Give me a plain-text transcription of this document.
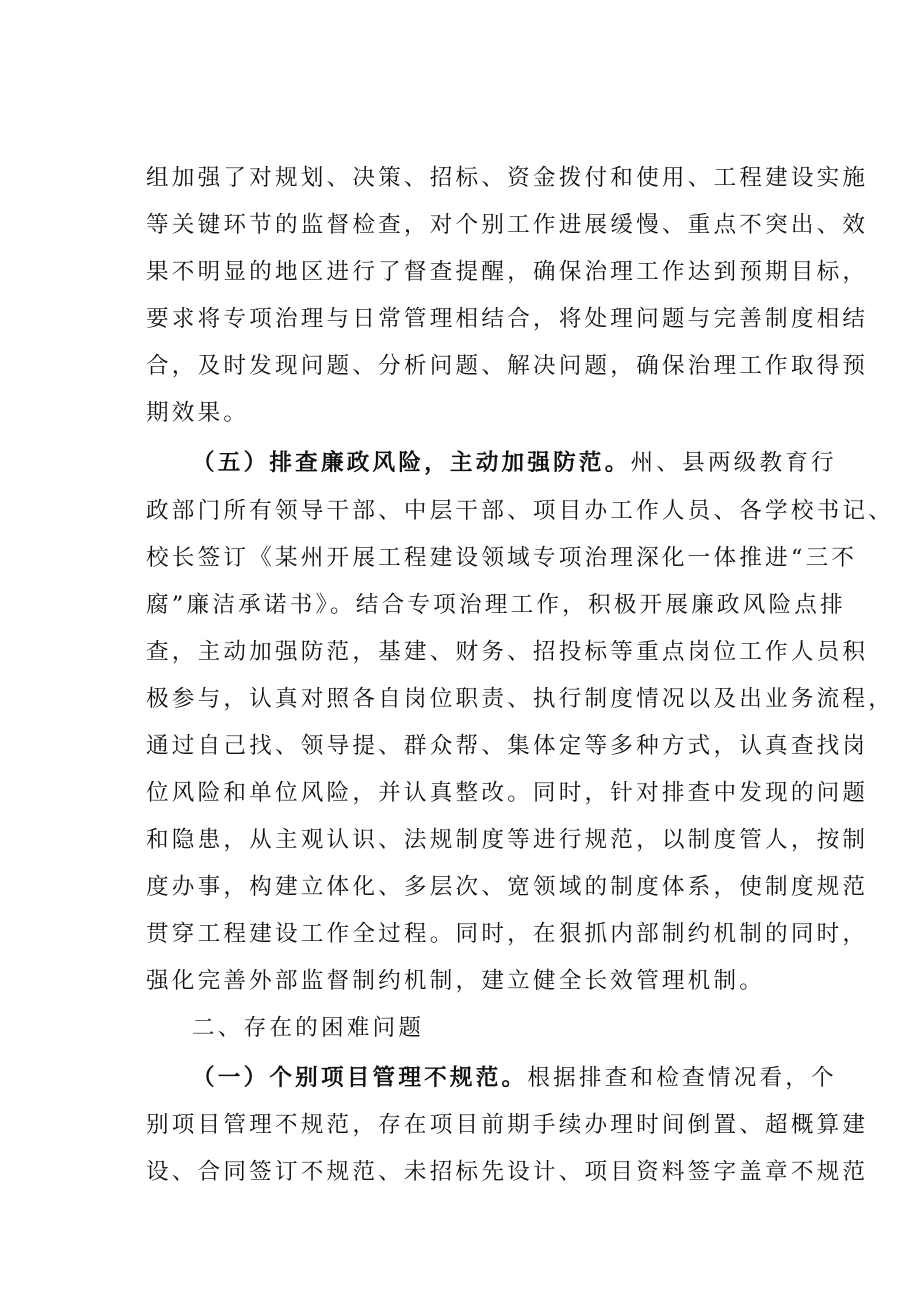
组加强了对规划、决策、招标、资金拨付和使用、工程建设实施
等关键环节的监督检查，对个别工作进展缓慢、重点不突出、效
果不明显的地区进行了督查提醒，确保治理工作达到预期目标，
要求将专项治理与日常管理相结合，将处理问题与完善制度相结
合，及时发现问题、分析问题、解决问题，确保治理工作取得预
期效果。
（五）排查廉政风险，主动加强防范。州、县两级教育行
政部门所有领导干部、中层干部、项目办工作人员、各学校书记、
校长签订《某州开展工程建设领域专项治理深化一体推进“三不
腐”廉洁承诺书》。结合专项治理工作，积极开展廉政风险点排
查，主动加强防范，基建、财务、招投标等重点岗位工作人员积
极参与，认真对照各自岗位职责、执行制度情况以及出业务流程，
通过自己找、领导提、群众帮、集体定等多种方式，认真查找岗
位风险和单位风险，并认真整改。同时，针对排查中发现的问题
和隐患，从主观认识、法规制度等进行规范，以制度管人，按制
度办事，构建立体化、多层次、宽领域的制度体系，使制度规范
贯穿工程建设工作全过程。同时，在狠抓内部制约机制的同时，
强化完善外部监督制约机制，建立健全长效管理机制。
二、存在的困难问题
（一）个别项目管理不规范。根据排查和检查情况看，个
别项目管理不规范，存在项目前期手续办理时间倒置、超概算建
设、合同签订不规范、未招标先设计、项目资料签字盖章不规范
